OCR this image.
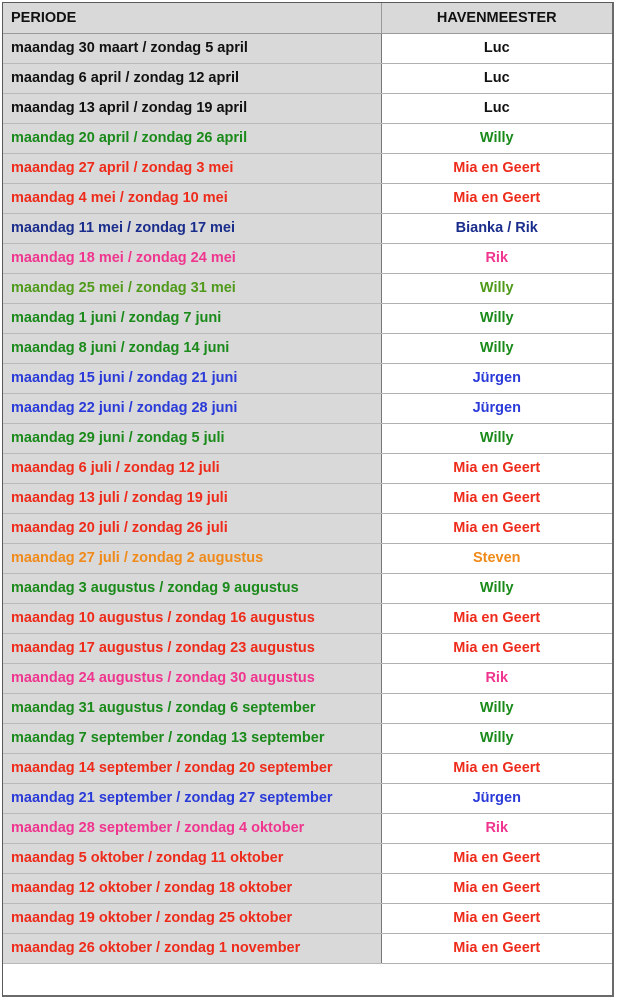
PERIODE	HAVENMEESTER
maandag 30 maart / zondag 5 april	Luc
maandag 6 april / zondag 12 april	Luc
maandag 13 april / zondag 19 april	Luc
maandag 20 april / zondag 26 april	Willy
maandag 27 april / zondag 3 mei	Mia en Geert
maandag 4 mei / zondag 10 mei	Mia en Geert
maandag 11 mei / zondag 17 mei	Bianka / Rik
maandag 18 mei / zondag 24 mei	Rik
maandag 25 mei / zondag 31 mei	Willy
maandag 1 juni / zondag 7 juni	Willy
maandag 8 juni / zondag 14 juni	Willy
maandag 15 juni / zondag 21 juni	Jürgen
maandag 22 juni / zondag 28 juni	Jürgen
maandag 29 juni / zondag 5 juli	Willy
maandag 6 juli / zondag 12 juli	Mia en Geert
maandag 13 juli / zondag 19 juli	Mia en Geert
maandag 20 juli / zondag 26 juli	Mia en Geert
maandag 27 juli / zondag 2 augustus	Steven
maandag 3 augustus / zondag 9 augustus	Willy
maandag 10 augustus / zondag 16 augustus	Mia en Geert
maandag 17 augustus / zondag 23 augustus	Mia en Geert
maandag 24 augustus / zondag 30 augustus	Rik
maandag 31 augustus / zondag 6 september	Willy
maandag 7 september / zondag 13 september	Willy
maandag 14 september / zondag 20 september	Mia en Geert
maandag 21 september / zondag 27 september	Jürgen
maandag 28 september / zondag 4 oktober	Rik
maandag 5 oktober / zondag 11 oktober	Mia en Geert
maandag 12 oktober / zondag 18 oktober	Mia en Geert
maandag 19 oktober / zondag 25 oktober	Mia en Geert
maandag 26 oktober / zondag 1 november	Mia en Geert
